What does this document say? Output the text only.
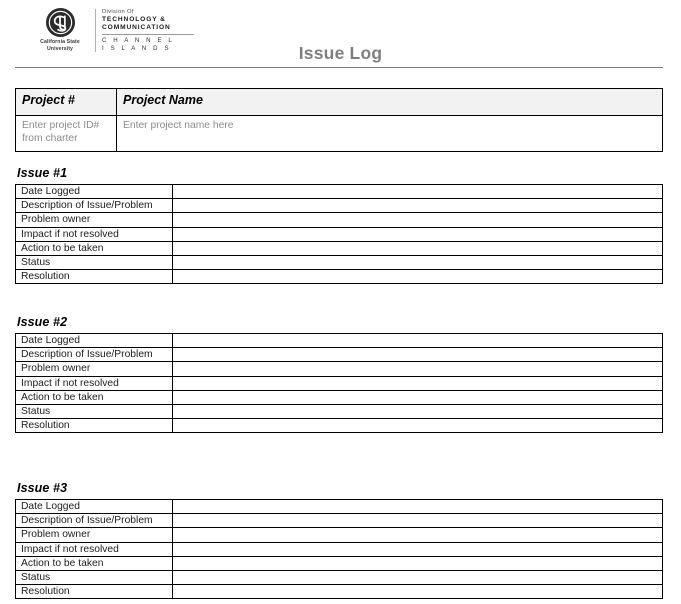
California State
University
Division Of
TECHNOLOGY &
COMMUNICATION
C H A N N E L
I S L A N D S	Issue Log
Project #	Project Name
Enter project ID# from charter	Enter project name here
Issue #1
Date Logged	
Description of Issue/Problem	
Problem owner	
Impact if not resolved	
Action to be taken	
Status	
Resolution	
Issue #2
Date Logged	
Description of Issue/Problem	
Problem owner	
Impact if not resolved	
Action to be taken	
Status	
Resolution	
Issue #3
Date Logged	
Description of Issue/Problem	
Problem owner	
Impact if not resolved	
Action to be taken	
Status	
Resolution	
